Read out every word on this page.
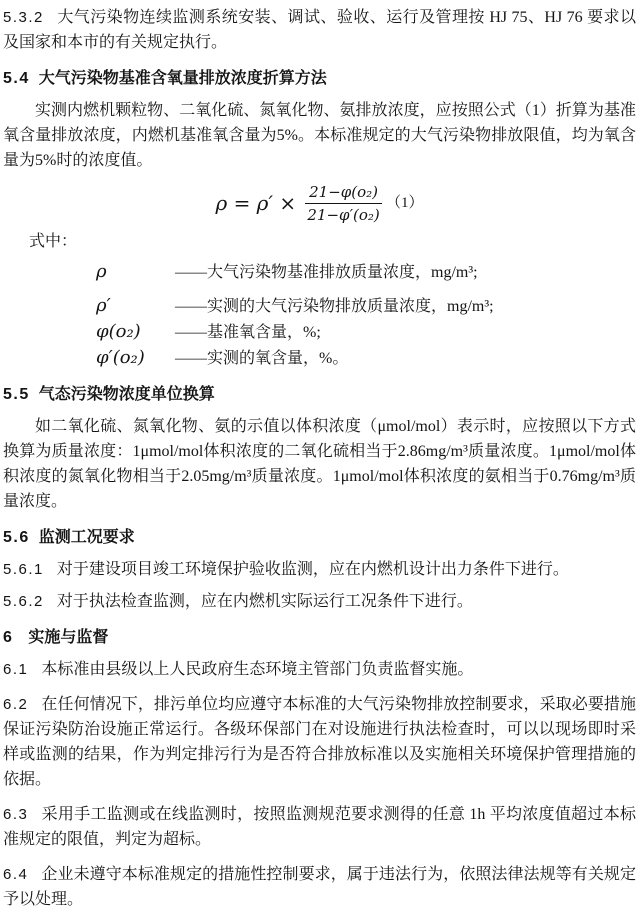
5.3.2 大气污染物连续监测系统安装、调试、验收、运行及管理按 HJ 75、HJ 76 要求以及国家和本市的有关规定执行。

5.4 大气污染物基准含氧量排放浓度折算方法

实测内燃机颗粒物、二氧化硫、氮氧化物、氨排放浓度，应按照公式（1）折算为基准氧含量排放浓度，内燃机基准氧含量为5%。本标准规定的大气污染物排放限值，均为氧含量为5%时的浓度值。

$\rho = \rho' \times \frac{\text{21−φ(o₂)}}{\text{21−φ′(o₂)}} (1)$

式中：

ρ	——大气污染物基准排放质量浓度，mg/m³;
ρ′	——实测的大气污染物排放质量浓度，mg/m³;
φ(o₂)	——基准氧含量，%;
φ′(o₂)	——实测的氧含量，%。
5.5 气态污染物浓度单位换算

如二氧化硫、氮氧化物、氨的示值以体积浓度（μmol/mol）表示时，应按照以下方式换算为质量浓度：1μmol/mol体积浓度的二氧化硫相当于2.86mg/m³质量浓度。1μmol/mol体积浓度的氮氧化物相当于2.05mg/m³质量浓度。1μmol/mol体积浓度的氨相当于0.76mg/m³质量浓度。

5.6 监测工况要求

5.6.1 对于建设项目竣工环境保护验收监测，应在内燃机设计出力条件下进行。

5.6.2 对于执法检查监测，应在内燃机实际运行工况条件下进行。

6 实施与监督

6.1 本标准由县级以上人民政府生态环境主管部门负责监督实施。

6.2 在任何情况下，排污单位均应遵守本标准的大气污染物排放控制要求，采取必要措施保证污染防治设施正常运行。各级环保部门在对设施进行执法检查时，可以以现场即时采样或监测的结果，作为判定排污行为是否符合排放标准以及实施相关环境保护管理措施的依据。

6.3 采用手工监测或在线监测时，按照监测规范要求测得的任意 1h 平均浓度值超过本标准规定的限值，判定为超标。

6.4 企业未遵守本标准规定的措施性控制要求，属于违法行为，依照法律法规等有关规定予以处理。
